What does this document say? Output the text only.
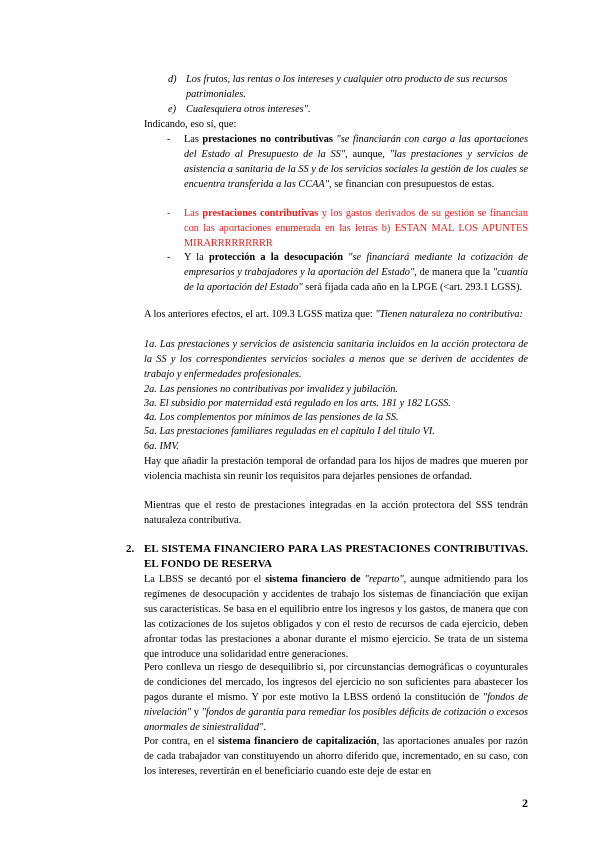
d) Los frutos, las rentas o los intereses y cualquier otro producto de sus recursos patrimoniales.
e) Cualesquiera otros intereses".
Indicando, eso sí, que:
- Las prestaciones no contributivas "se financiarán con cargo a las aportaciones del Estado al Presupuesto de la SS", aunque, "las prestaciones y servicios de asistencia a sanitaria de la SS y de los servicios sociales la gestión de los cuales se encuentra transferida a las CCAA", se financian con presupuestos de estas.
- Las prestaciones contributivas y los gastos derivados de su gestión se financian con las aportaciones enumerada en las letras b) ESTAN MAL LOS APUNTES MIRARRRRRRRRR
- Y la protección a la desocupación "se financiará mediante la cotización de empresarios y trabajadores y la aportación del Estado", de manera que la "cuantía de la aportación del Estado" será fijada cada año en la LPGE (<art. 293.1 LGSS).
A los anteriores efectos, el art. 109.3 LGSS matiza que: "Tienen naturaleza no contributiva:
1a. Las prestaciones y servicios de asistencia sanitaria incluidos en la acción protectora de la SS y los correspondientes servicios sociales a menos que se deriven de accidentes de trabajo y enfermedades profesionales.
2a. Las pensiones no contributivas por invalidez y jubilación.
3a. El subsidio por maternidad está regulado en los arts. 181 y 182 LGSS.
4a. Los complementos por mínimos de las pensiones de la SS.
5a. Las prestaciones familiares reguladas en el capítulo I del título VI.
6a. IMV.
Hay que añadir la prestación temporal de orfandad para los hijos de madres que mueren por violencia machista sin reunir los requisitos para dejarles pensiones de orfandad.
Mientras que el resto de prestaciones integradas en la acción protectora del SSS tendrán naturaleza contributiva.
2. EL SISTEMA FINANCIERO PARA LAS PRESTACIONES CONTRIBUTIVAS. EL FONDO DE RESERVA
La LBSS se decantó por el sistema financiero de "reparto", aunque admitiendo para los regímenes de desocupación y accidentes de trabajo los sistemas de financiación que exijan sus características. Se basa en el equilibrio entre los ingresos y los gastos, de manera que con las cotizaciones de los sujetos obligados y con el resto de recursos de cada ejercicio, deben afrontar todas las prestaciones a abonar durante el mismo ejercicio. Se trata de un sistema que introduce una solidaridad entre generaciones.
Pero conlleva un riesgo de desequilibrio si, por circunstancias demográficas o coyunturales de condiciones del mercado, los ingresos del ejercicio no son suficientes para abastecer los pagos durante el mismo. Y por este motivo la LBSS ordenó la constitución de "fondos de nivelación" y "fondos de garantía para remediar los posibles déficits de cotización o excesos anormales de siniestralidad".
Por contra, en el sistema financiero de capitalización, las aportaciones anuales por razón de cada trabajador van constituyendo un ahorro diferido que, incrementado, en su caso, con los intereses, revertirán en el beneficiario cuando este deje de estar en
2
